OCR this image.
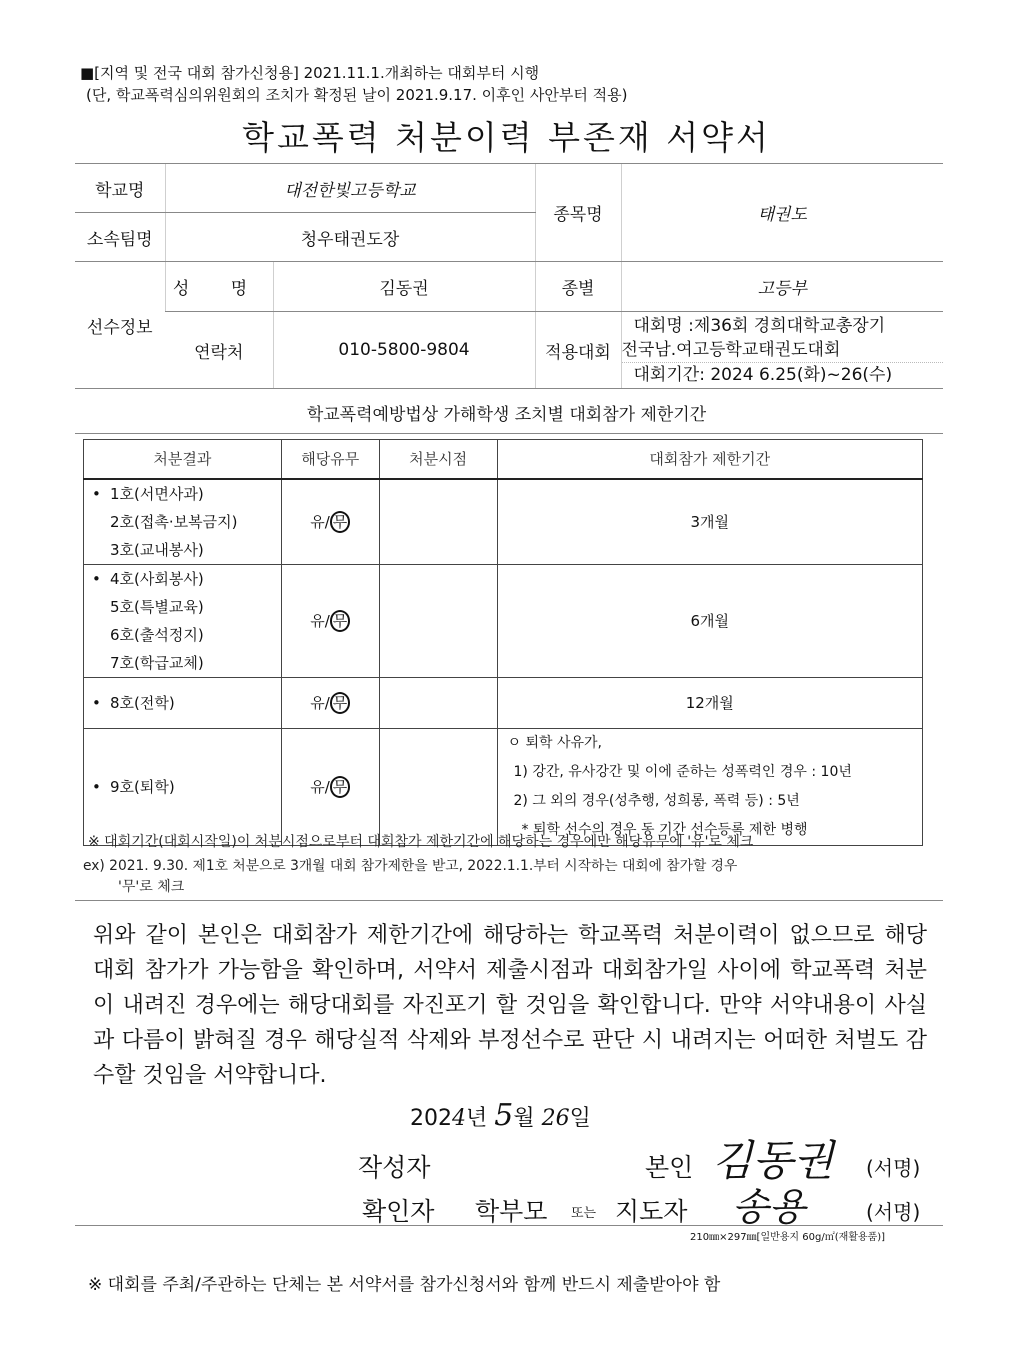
■[지역 및 전국 대회 참가신청용] 2021.11.1.개최하는 대회부터 시행
(단, 학교폭력심의위원회의 조치가 확정된 날이 2021.9.17. 이후인 사안부터 적용)
학교폭력 처분이력 부존재 서약서
학교명	대전한빛고등학교		종목명	태권도
소속팀명	청우태권도장			
선수정보	성 명	김동권	종별	고등부
	연락처	010-5800-9804	적용대회	대회명 :제36회 경희대학교총장기
전국남.여고등학교태권도대회
대회기간: 2024 6.25(화)~26(수)
학교폭력예방법상 가해학생 조치별 대회참가 제한기간
처분결과	해당유무	처분시점	대회참가 제한기간

• 1호(서면사과)
2호(접촉·보복금지)
3호(교내봉사)	유/ 무		3개월

• 4호(사회봉사)
5호(특별교육)
6호(출석정지)
7호(학급교체)	유/ 무		6개월

• 8호(전학)	유/ 무		12개월

• 9호(퇴학)	유/ 무		ㅇ 퇴학 사유가,
1) 강간, 유사강간 및 이에 준하는 성폭력인 경우 : 10년
2) 그 외의 경우(성추행, 성희롱, 폭력 등) : 5년
* 퇴학 선수의 경우 동 기간 선수등록 제한 병행
※ 대회기간(대회시작일)이 처분시점으로부터 대회참가 제한기간에 해당하는 경우에만 해당유무에 '유'로 체크
ex) 2021. 9.30. 제1호 처분으로 3개월 대회 참가제한을 받고, 2022.1.1.부터 시작하는 대회에 참가할 경우
'무'로 체크
위와 같이 본인은 대회참가 제한기간에 해당하는 학교폭력 처분이력이 없으므로 해당 대회 참가가 가능함을 확인하며, 서약서 제출시점과 대회참가일 사이에 학교폭력 처분이 내려진 경우에는 해당대회를 자진포기 할 것임을 확인합니다. 만약 서약내용이 사실과 다름이 밝혀질 경우 해당실적 삭제와 부정선수로 판단 시 내려지는 어떠한 처벌도 감수할 것임을 서약합니다.
2024년 5월 26일
작성자	본인 김동권 (서명)
확인자 학부모 또는 지도자 송용	(서명)
210㎜×297㎜[일반용지 60g/㎡(재활용품)]
※ 대회를 주최/주관하는 단체는 본 서약서를 참가신청서와 함께 반드시 제출받아야 함
